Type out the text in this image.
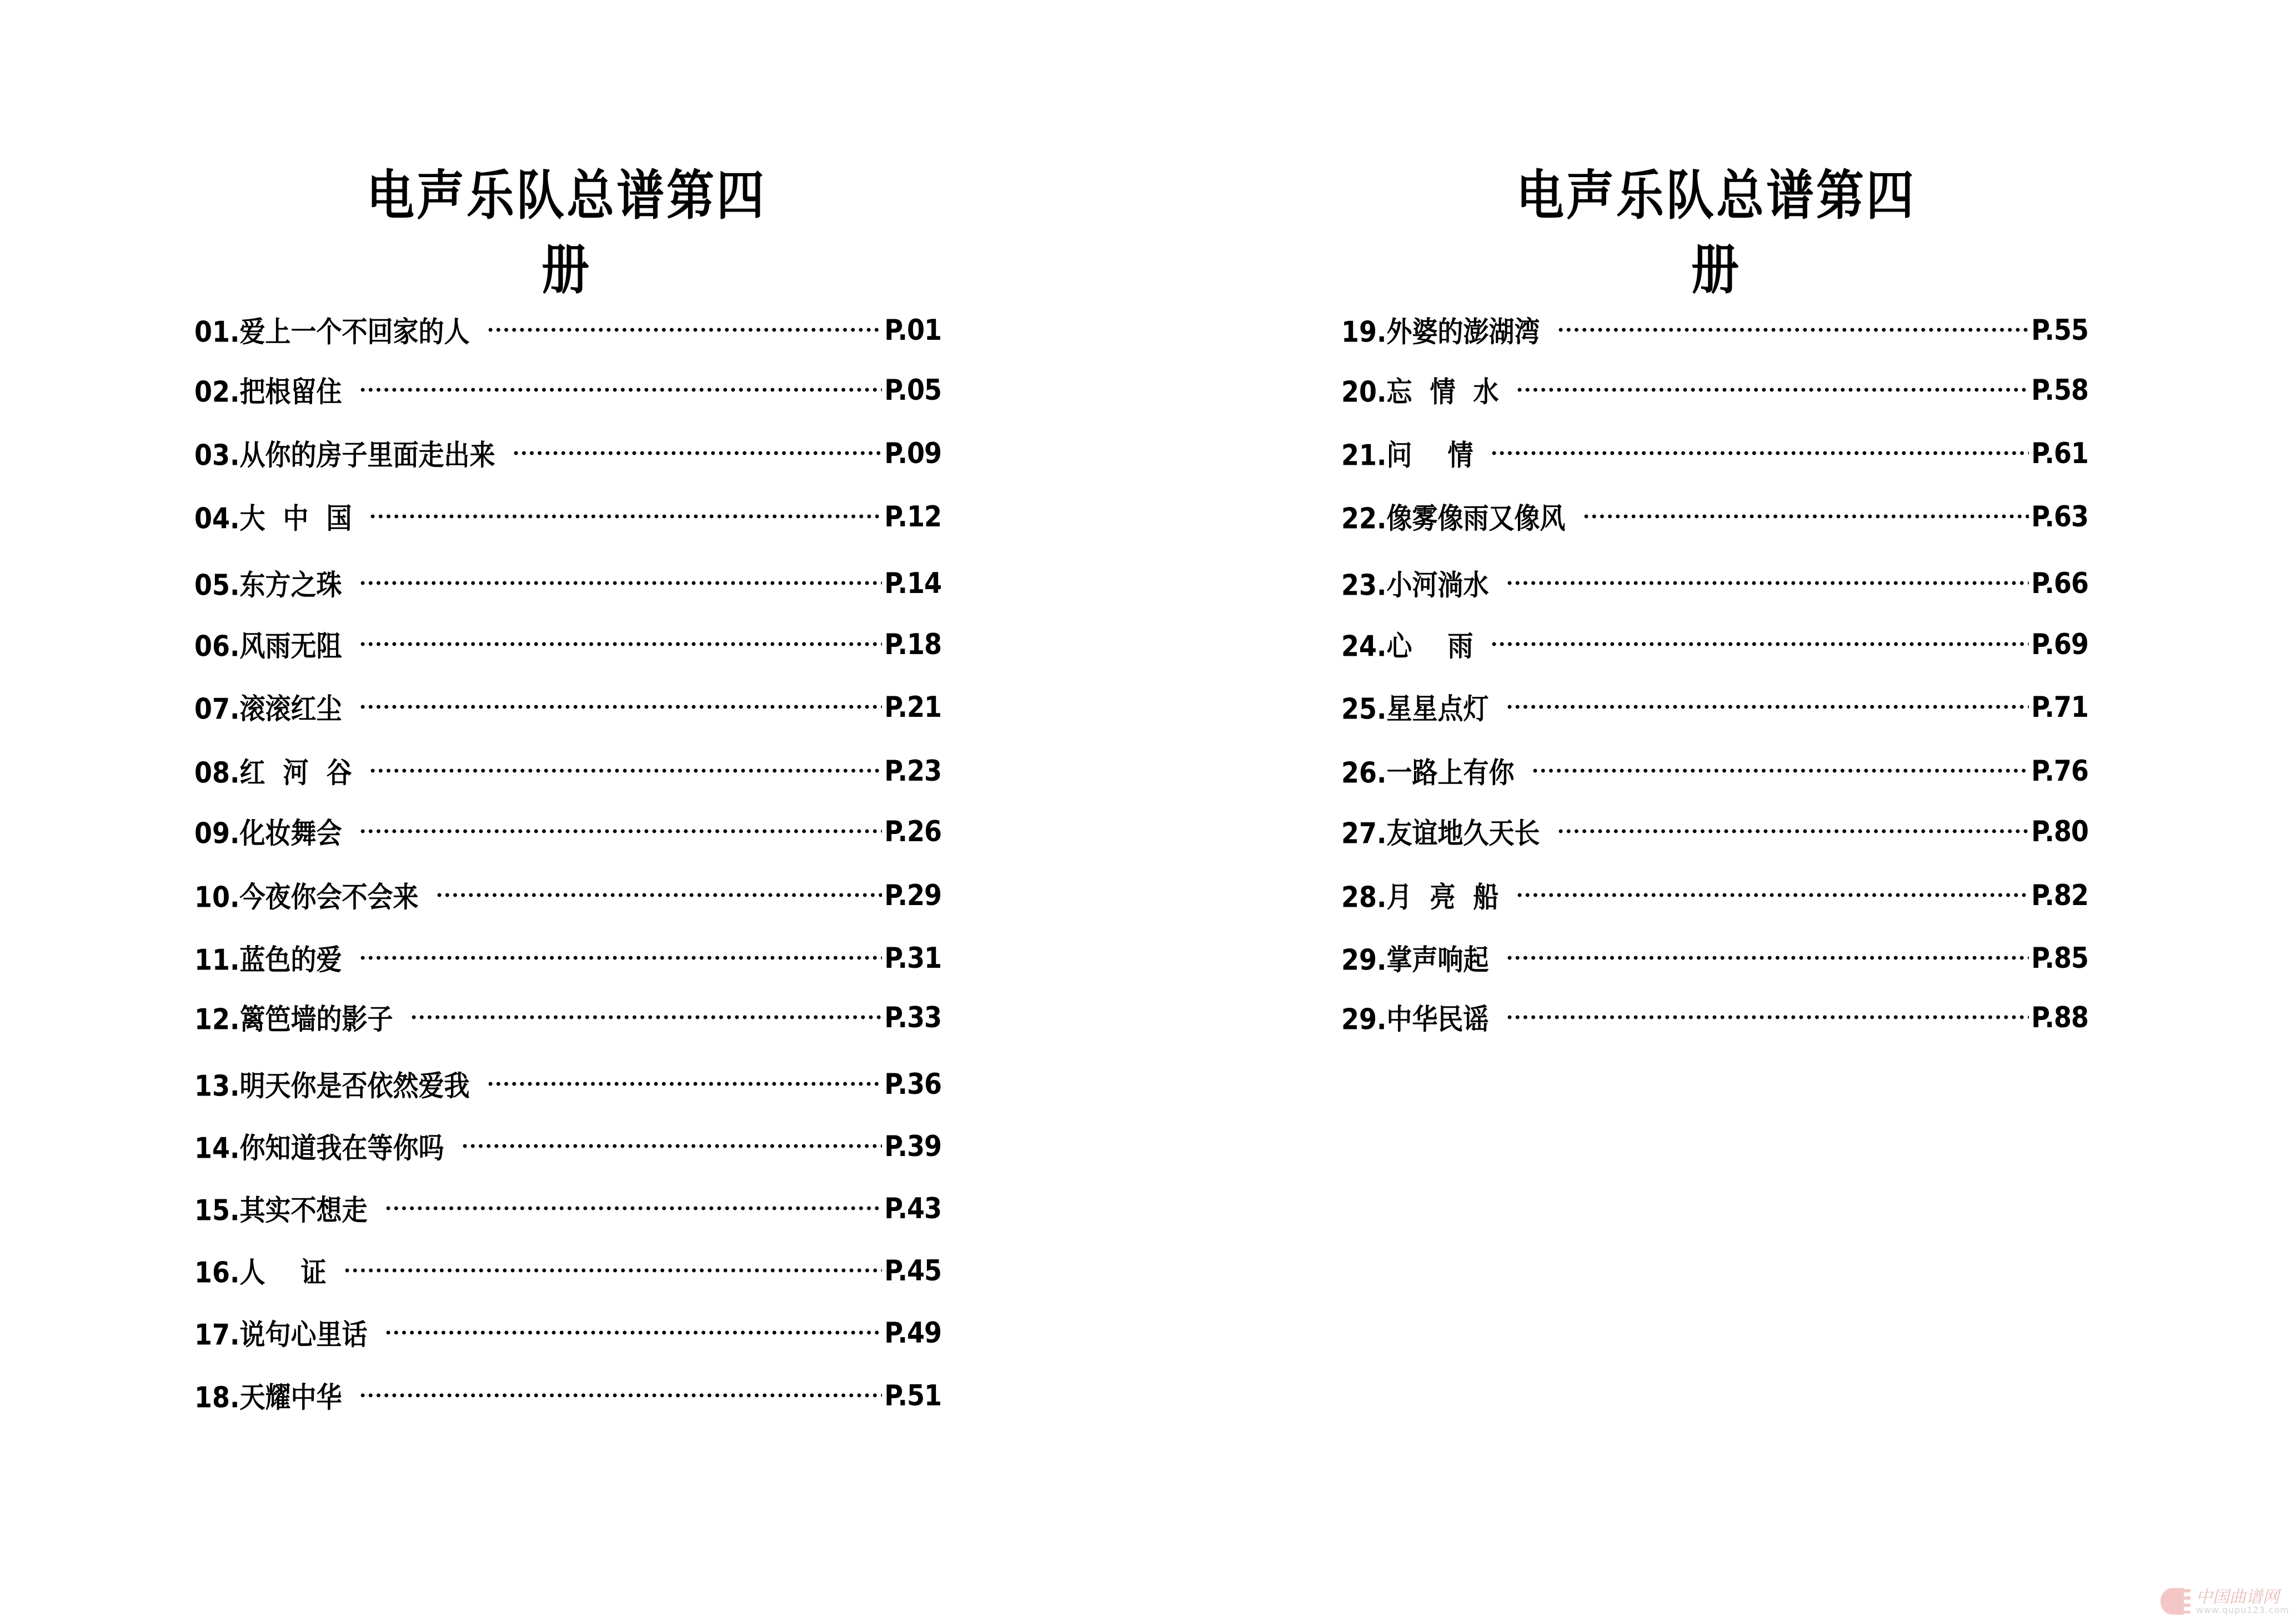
电声乐队总谱第四册
电声乐队总谱第四册
01.爱上一个不回家的人	P.01
02.把根留住	P.05
03.从你的房子里面走出来	P.09
04.大  中  国	P.12
05.东方之珠	P.14
06.风雨无阻	P.18
07.滚滚红尘	P.21
08.红  河  谷	P.23
09.化妆舞会	P.26
10.今夜你会不会来	P.29
11.蓝色的爱	P.31
12.篱笆墙的影子	P.33
13.明天你是否依然爱我	P.36
14.你知道我在等你吗	P.39
15.其实不想走	P.43
16.人    证	P.45
17.说句心里话	P.49
18.天耀中华	P.51
19.外婆的澎湖湾	P.55
20.忘  情  水	P.58
21.问    情	P.61
22.像雾像雨又像风	P.63
23.小河淌水	P.66
24.心    雨	P.69
25.星星点灯	P.71
26.一路上有你	P.76
27.友谊地久天长	P.80
28.月  亮  船	P.82
29.掌声响起	P.85
29.中华民谣	P.88
中国曲谱网
www.qupu123.com
